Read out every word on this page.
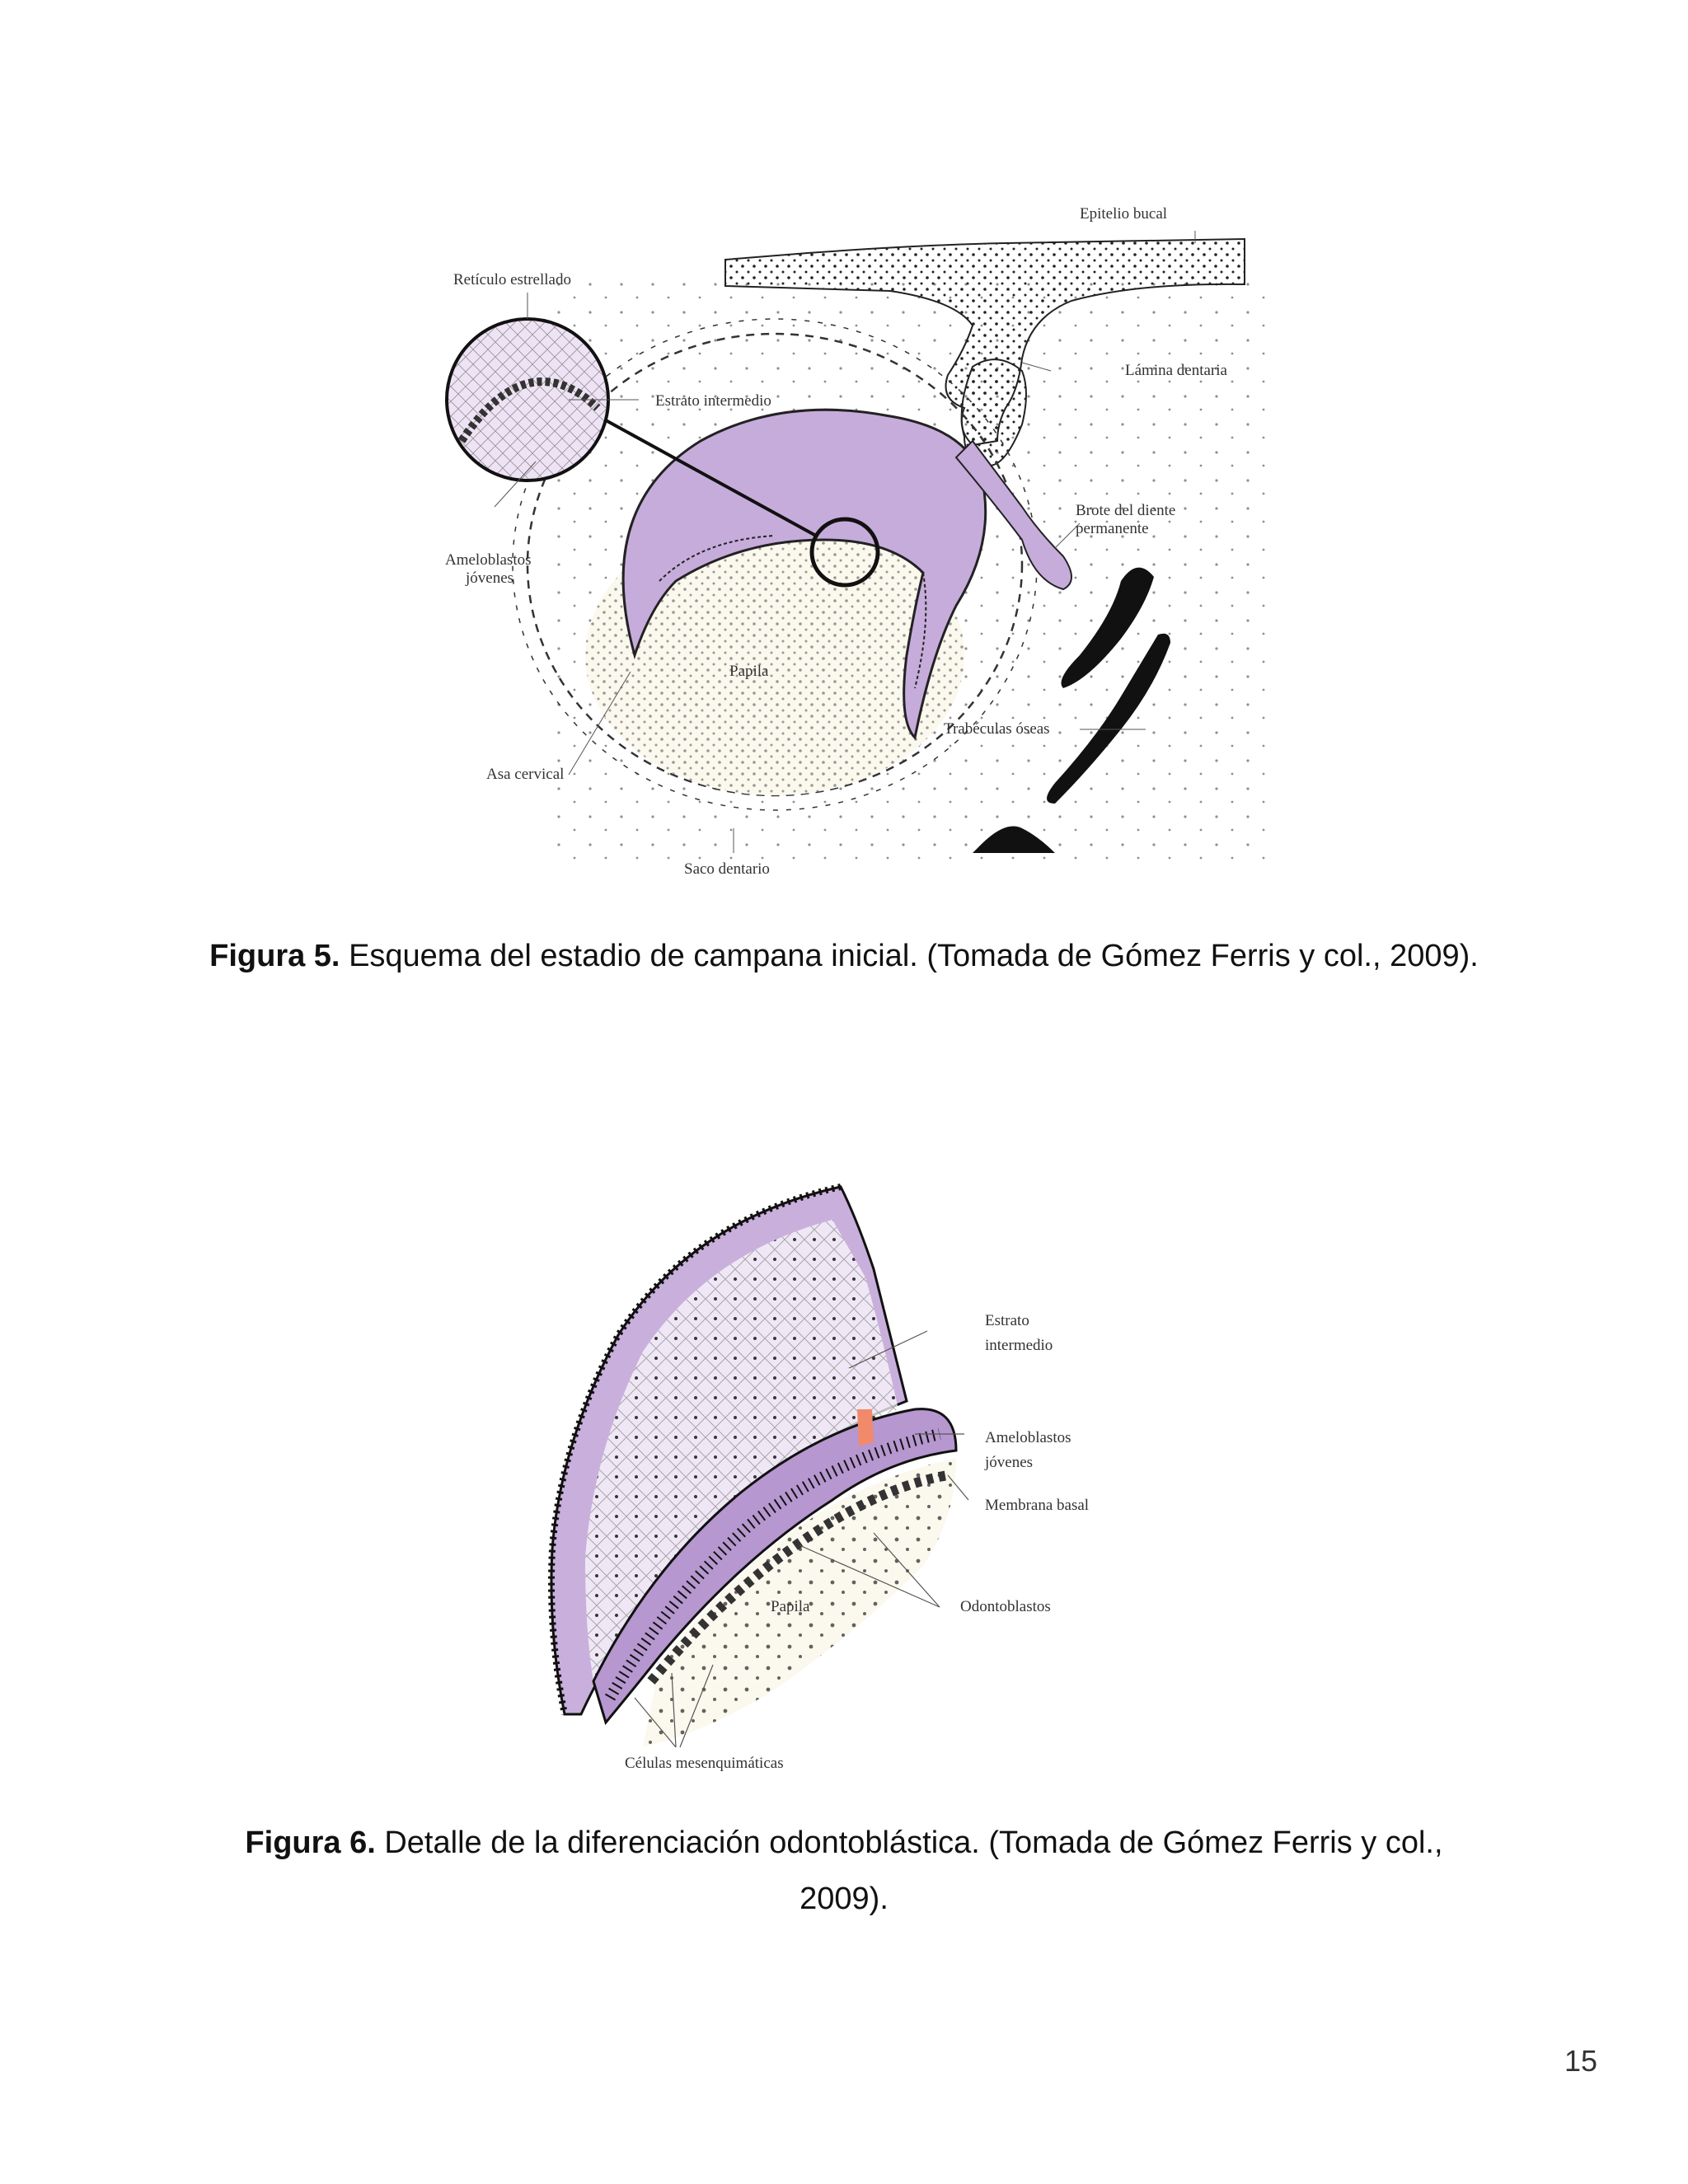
Epitelio bucal
Retículo estrellado
Lámina dentaria
Estrato intermedio
Brote del diente
permanente
Ameloblastos
jóvenes
Papila
Trabéculas óseas
Asa cervical
Saco dentario
Figura 5. Esquema del estadio de campana inicial. (Tomada de Gómez Ferris y col., 2009).
Estrato
intermedio
Ameloblastos
jóvenes
Membrana basal
Odontoblastos
Papila
Células mesenquimáticas
Figura 6. Detalle de la diferenciación odontoblástica. (Tomada de Gómez Ferris y col., 2009).
15
